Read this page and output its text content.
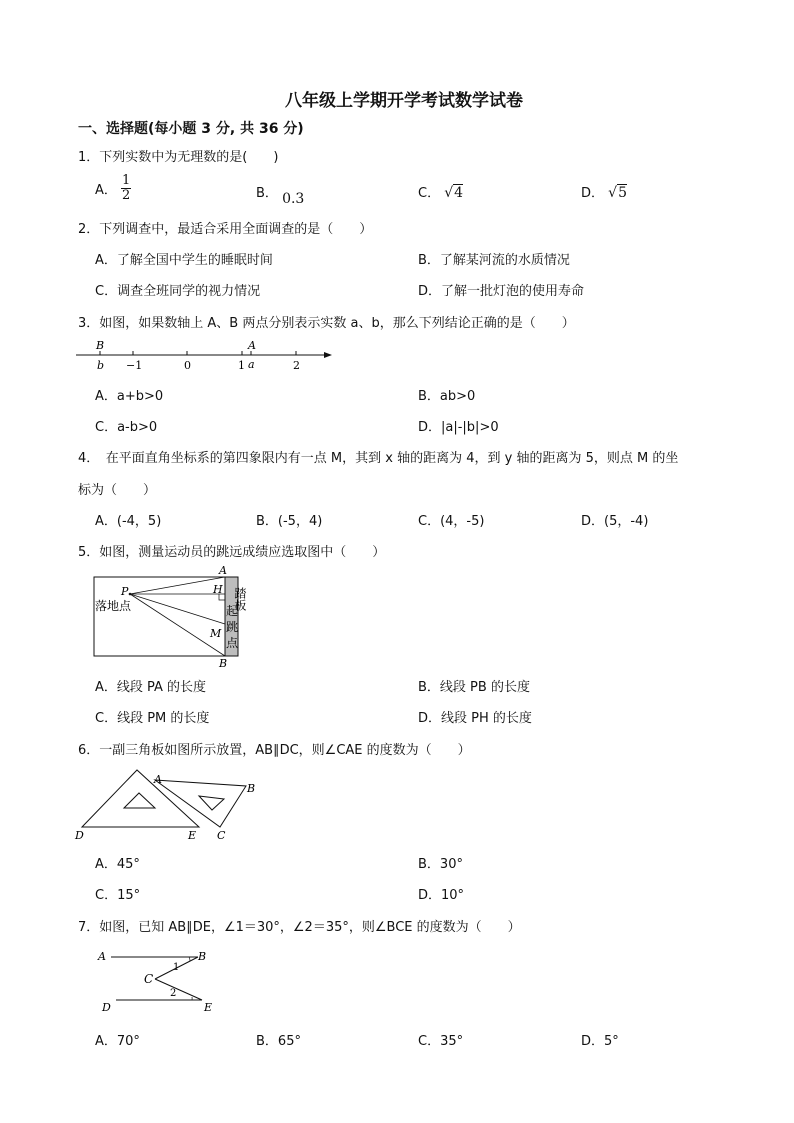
八年级上学期开学考试数学试卷
一、选择题(每小题 3 分, 共 36 分)
1．下列实数中为无理数的是(　　)
A． $\frac{1}{2}$	B． 0.3	C． √4	D． √5
2．下列调查中，最适合采用全面调查的是（　　）
A．了解全国中学生的睡眠时间	B．了解某河流的水质情况
C．调查全班同学的视力情况	D．了解一批灯泡的使用寿命
3．如图，如果数轴上 A、B 两点分别表示实数 a、b，那么下列结论正确的是（　　）
B
b
A
a
−1	0	1	2
A．a+b>0	B．ab>0
C．a-b>0	D．|a|-|b|>0
4．　在平面直角坐标系的第四象限内有一点 M，其到 x 轴的距离为 4，到 y 轴的距离为 5，则点 M 的坐
标为（　　）
A．(-4，5)	B．(-5，4)	C．(4，-5)	D．(5，-4)
5．如图，测量运动员的跳远成绩应选取图中（　　）
A
B
H
P
M
落地点	踏板
起
跳
点
A．线段 PA 的长度	B．线段 PB 的长度
C．线段 PM 的长度	D．线段 PH 的长度
6．一副三角板如图所示放置，AB∥DC，则∠CAE 的度数为（　　）
A
B
D	E C
A．45°	B．30°
C．15°	D．10°
7．如图，已知 AB∥DE，∠1＝30°，∠2＝35°，则∠BCE 的度数为（　　）
A	B
C
D	E
1
2
A．70°	B．65°	C．35°	D．5°
